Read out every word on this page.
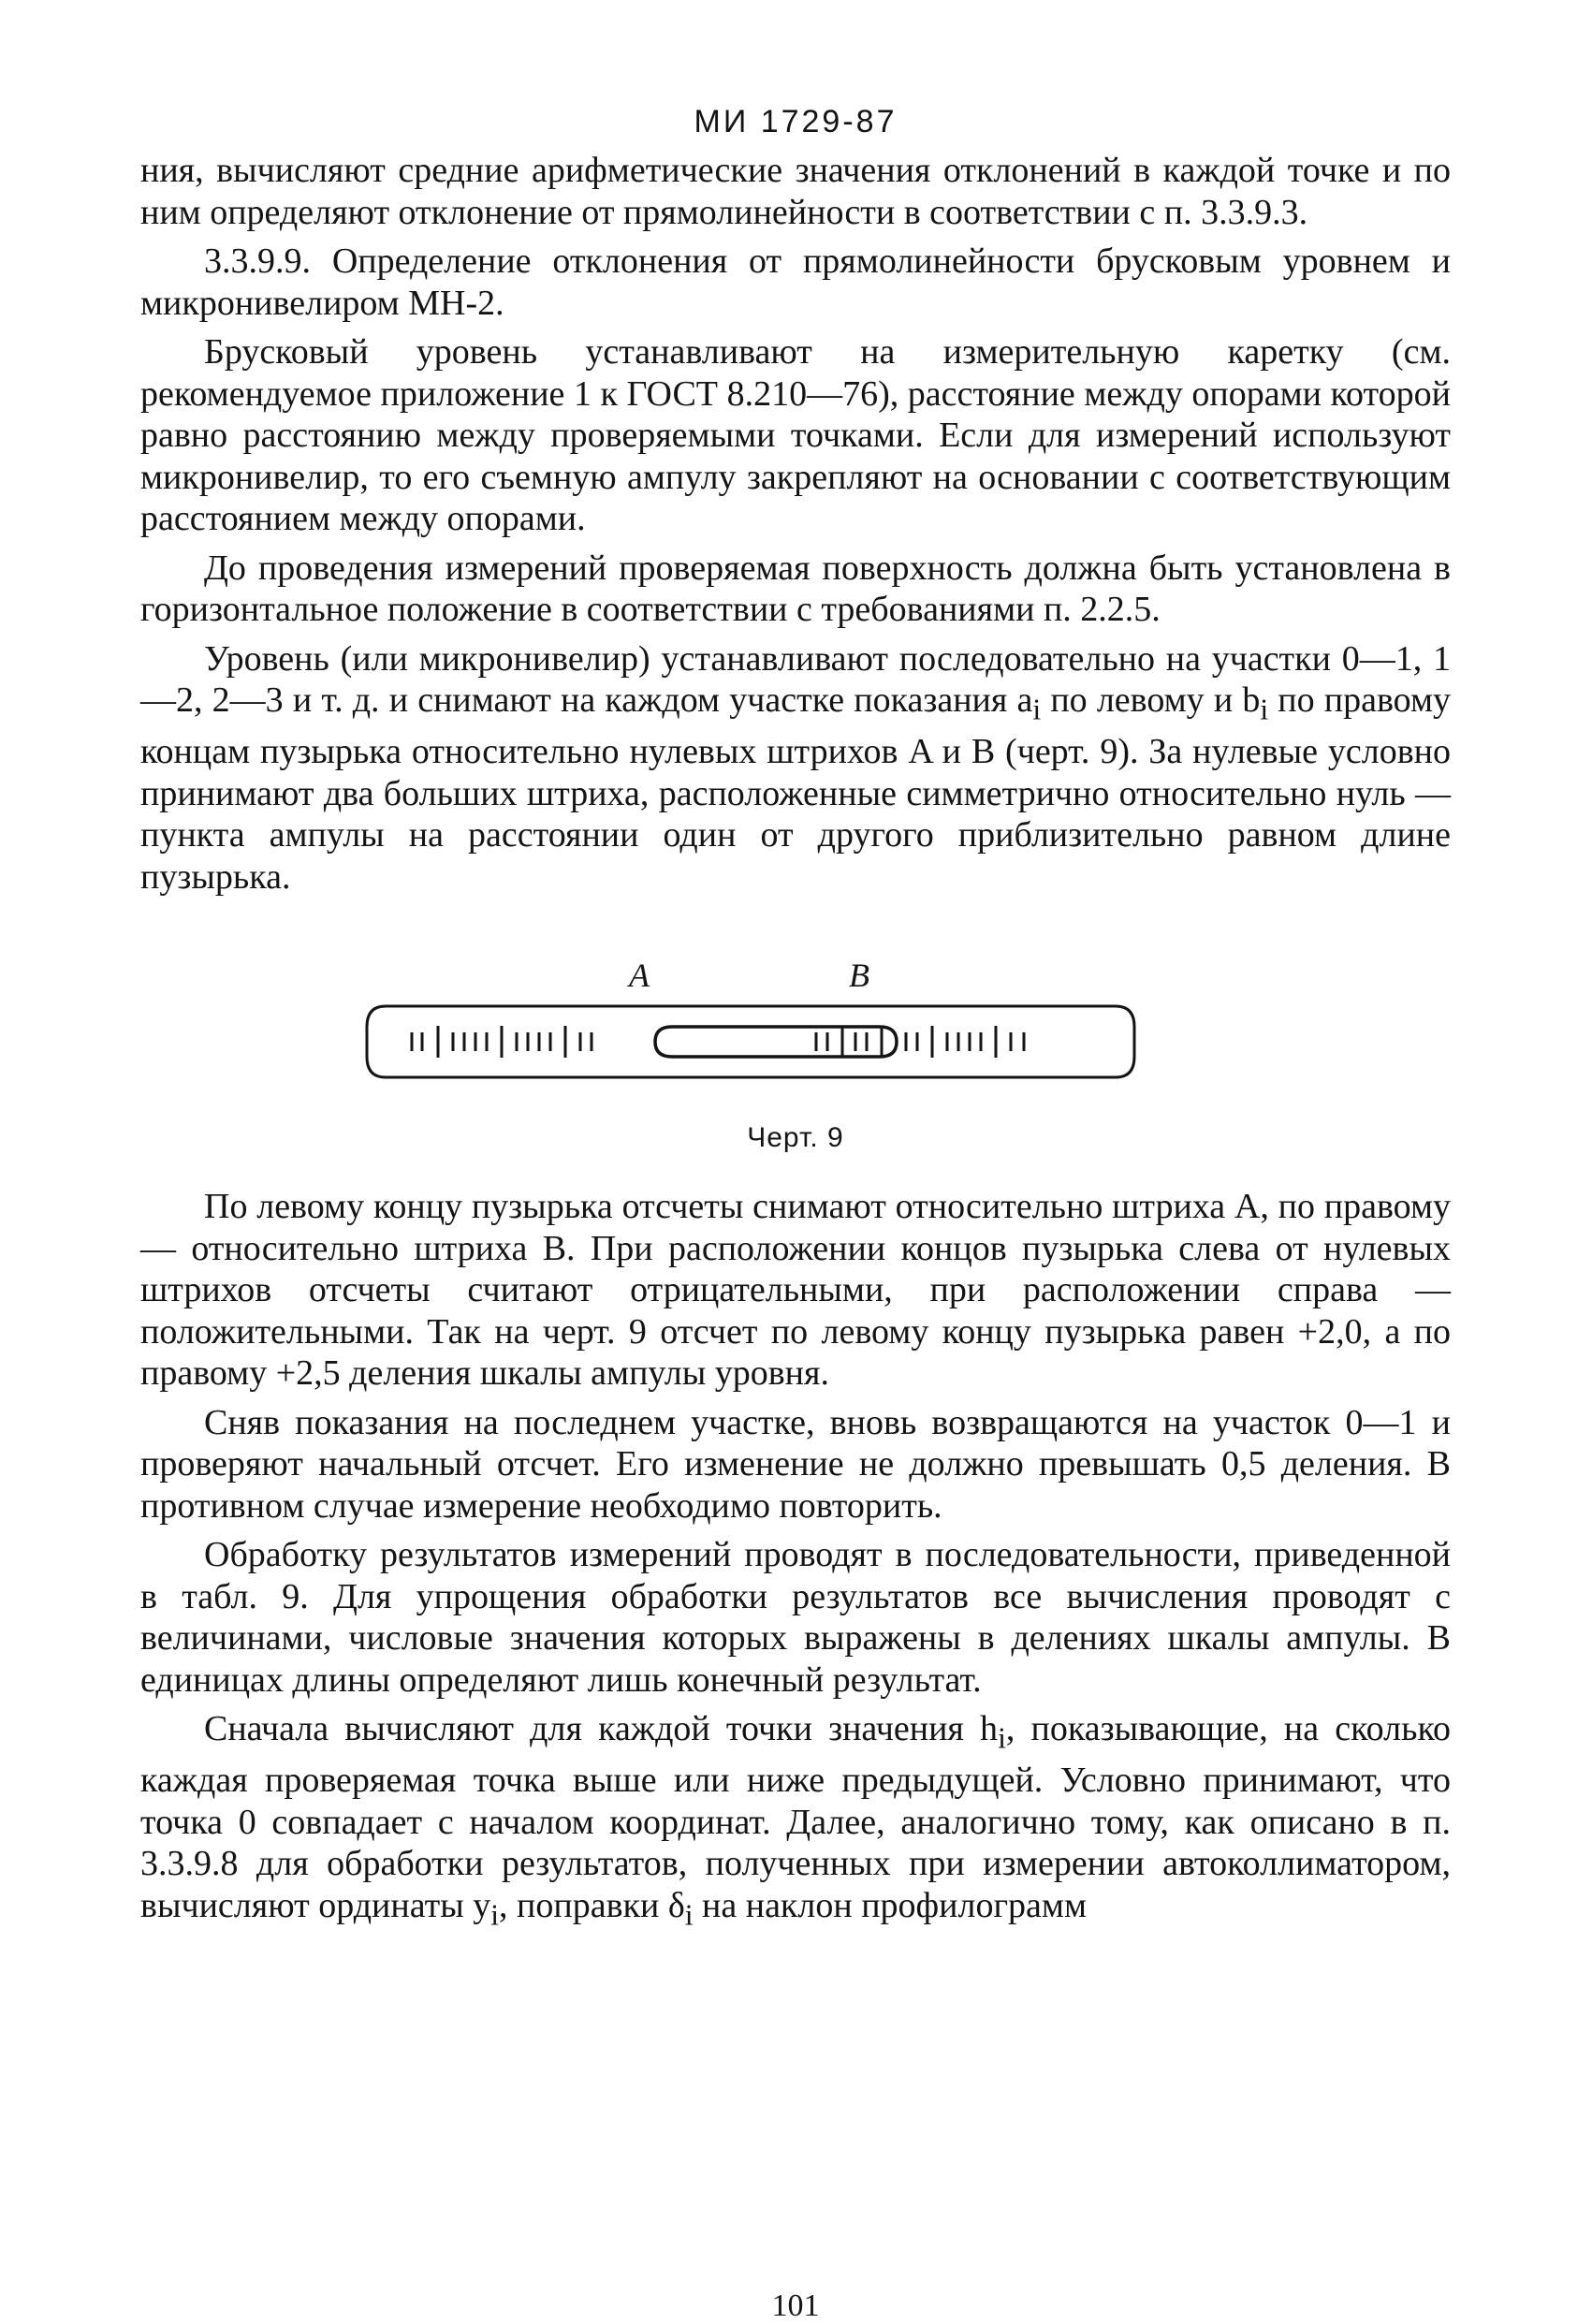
МИ 1729-87

ния, вычисляют средние арифметические значения отклонений в каждой точке и по ним определяют отклонение от прямолинейности в соответствии с п. 3.3.9.3.

3.3.9.9. Определение отклонения от прямолинейности брусковым уровнем и микронивелиром МН-2.

Брусковый уровень устанавливают на измерительную каретку (см. рекомендуемое приложение 1 к ГОСТ 8.210—76), расстояние между опорами которой равно расстоянию между проверяемыми точками. Если для измерений используют микронивелир, то его съемную ампулу закрепляют на основании с соответствующим расстоянием между опорами.

До проведения измерений проверяемая поверхность должна быть установлена в горизонтальное положение в соответствии с требованиями п. 2.2.5.

Уровень (или микронивелир) устанавливают последовательно на участки 0—1, 1—2, 2—3 и т. д. и снимают на каждом участке показания $a_i$ по левому и $b_i$ по правому концам пузырька относительно нулевых штрихов A и B (черт. 9). За нулевые условно принимают два больших штриха, расположенные симметрично относительно нуль — пункта ампулы на расстоянии один от другого приблизительно равном длине пузырька.

A	B
Черт. 9

По левому концу пузырька отсчеты снимают относительно штриха A, по правому — относительно штриха B. При расположении концов пузырька слева от нулевых штрихов отсчеты считают отрицательными, при расположении справа — положительными. Так на черт. 9 отсчет по левому концу пузырька равен +2,0, а по правому +2,5 деления шкалы ампулы уровня.

Сняв показания на последнем участке, вновь возвращаются на участок 0—1 и проверяют начальный отсчет. Его изменение не должно превышать 0,5 деления. В противном случае измерение необходимо повторить.

Обработку результатов измерений проводят в последовательности, приведенной в табл. 9. Для упрощения обработки результатов все вычисления проводят с величинами, числовые значения которых выражены в делениях шкалы ампулы. В единицах длины определяют лишь конечный результат.

Сначала вычисляют для каждой точки значения $h_i$, показывающие, на сколько каждая проверяемая точка выше или ниже предыдущей. Условно принимают, что точка 0 совпадает с началом координат. Далее, аналогично тому, как описано в п. 3.3.9.8 для обработки результатов, полученных при измерении автоколлиматором, вычисляют ординаты $y_i$, поправки $\delta_i$ на наклон профилограмм

101
